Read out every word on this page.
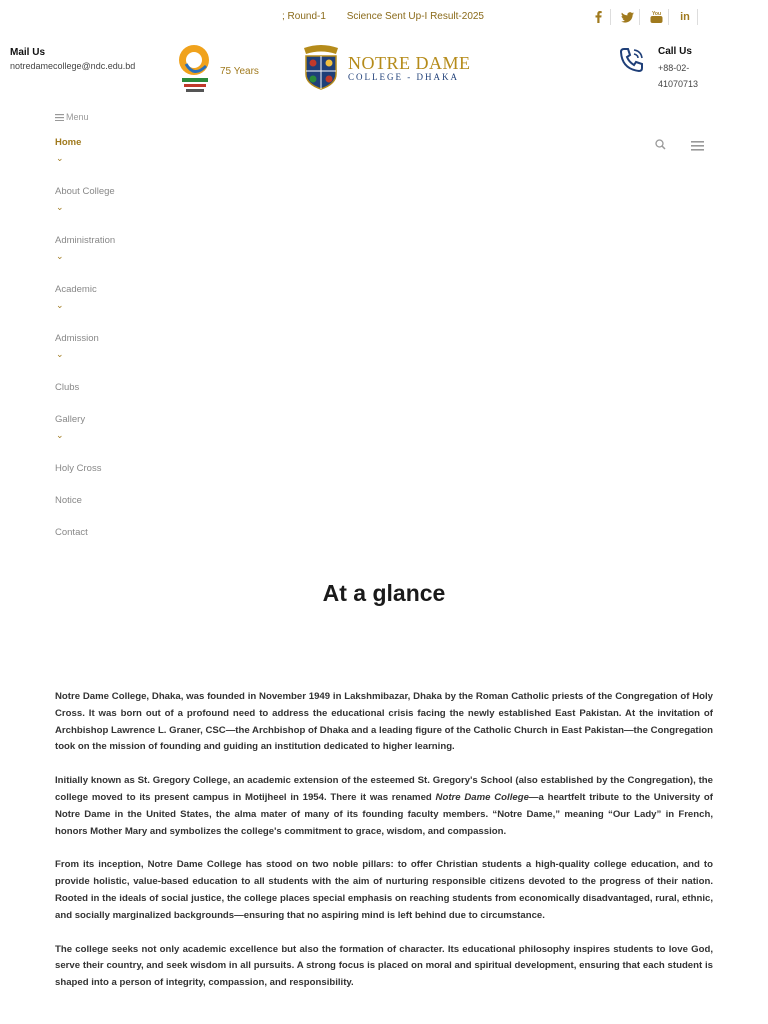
; Round-1 Science Sent Up-I Result-2025	You	in
Mail Us
notredamecollege@ndc.edu.bd	75 Years	NOTRE DAME
COLLEGE - DHAKA
Call Us
+88-02-41070713
Menu
Home
⌄
About College
⌄
Administration
⌄
Academic
⌄
Admission
⌄
Clubs
Gallery
⌄
Holy Cross
Notice
Contact
At a glance

Notre Dame College, Dhaka, was founded in November 1949 in Lakshmibazar, Dhaka by the Roman Catholic priests of the Congregation of Holy Cross. It was born out of a profound need to address the educational crisis facing the newly established East Pakistan. At the invitation of Archbishop Lawrence L. Graner, CSC—the Archbishop of Dhaka and a leading figure of the Catholic Church in East Pakistan—the Congregation took on the mission of founding and guiding an institution dedicated to higher learning.

Initially known as St. Gregory College, an academic extension of the esteemed St. Gregory's School (also established by the Congregation), the college moved to its present campus in Motijheel in 1954. There it was renamed Notre Dame College—a heartfelt tribute to the University of Notre Dame in the United States, the alma mater of many of its founding faculty members. “Notre Dame,” meaning “Our Lady” in French, honors Mother Mary and symbolizes the college's commitment to grace, wisdom, and compassion.

From its inception, Notre Dame College has stood on two noble pillars: to offer Christian students a high-quality college education, and to provide holistic, value-based education to all students with the aim of nurturing responsible citizens devoted to the progress of their nation. Rooted in the ideals of social justice, the college places special emphasis on reaching students from economically disadvantaged, rural, ethnic, and socially marginalized backgrounds—ensuring that no aspiring mind is left behind due to circumstance.

The college seeks not only academic excellence but also the formation of character. Its educational philosophy inspires students to love God, serve their country, and seek wisdom in all pursuits. A strong focus is placed on moral and spiritual development, ensuring that each student is shaped into a person of integrity, compassion, and responsibility.
